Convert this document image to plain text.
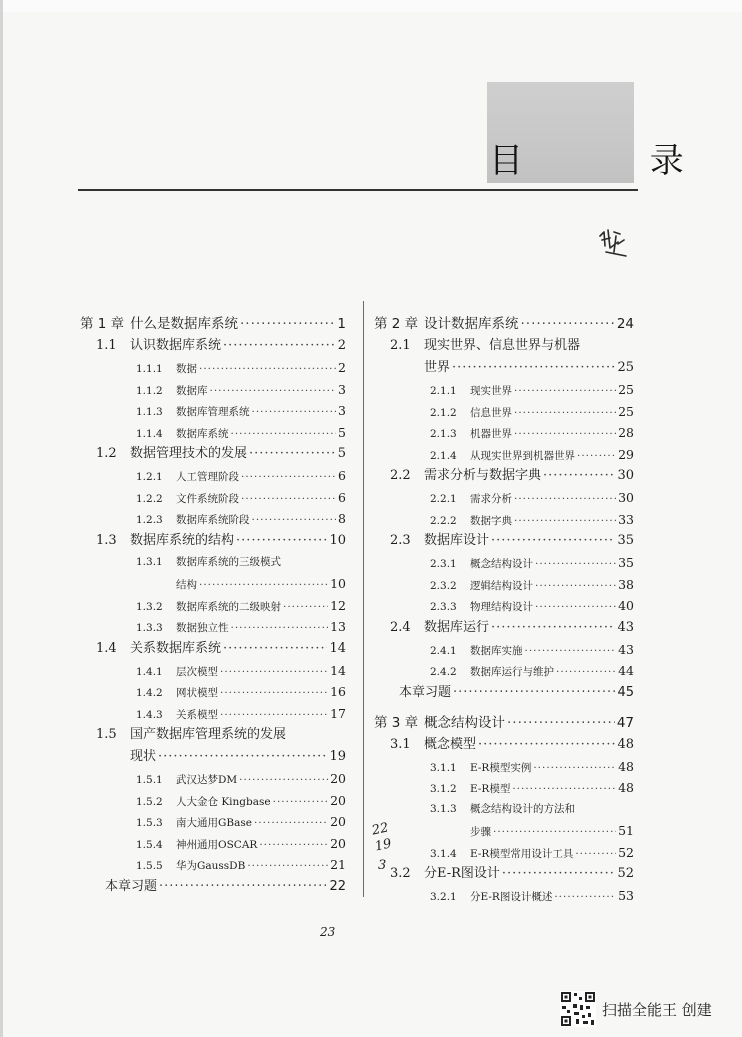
目 录
第 1 章 什么是数据库系统 ·····	1
1.1	认识数据库系统 ·····	2
1.1.1	数据 ·····	2
1.1.2	数据库 ·····	3
1.1.3	数据库管理系统 ·····	3
1.1.4	数据库系统 ·····	5
1.2	数据管理技术的发展 ·····	5
1.2.1	人工管理阶段 ·····	6
1.2.2	文件系统阶段 ·····	6
1.2.3	数据库系统阶段 ·····	8
1.3	数据库系统的结构 ·····	10
1.3.1	数据库系统的三级模式
结构 ·····	10
1.3.2	数据库系统的二级映射 ·····	12
1.3.3	数据独立性 ·····	13
1.4	关系数据库系统 ·····	14
1.4.1	层次模型 ·····	14
1.4.2	网状模型 ·····	16
1.4.3	关系模型 ·····	17
1.5	国产数据库管理系统的发展
现状 ·····	19
1.5.1	武汉达梦DM ·····	20
1.5.2	人大金仓 Kingbase ·····	20
1.5.3	南大通用GBase ·····	20
1.5.4	神州通用OSCAR ·····	20
1.5.5	华为GaussDB ·····	21
本章习题 ·····	22
第 2 章 设计数据库系统 ·····	24
2.1	现实世界、信息世界与机器
世界 ·····	25
2.1.1	现实世界 ·····	25
2.1.2	信息世界 ·····	25
2.1.3	机器世界 ·····	28
2.1.4	从现实世界到机器世界 ·····	29
2.2	需求分析与数据字典 ·····	30
2.2.1	需求分析 ·····	30
2.2.2	数据字典 ·····	33
2.3	数据库设计 ·····	35
2.3.1	概念结构设计 ·····	35
2.3.2	逻辑结构设计 ·····	38
2.3.3	物理结构设计 ·····	40
2.4	数据库运行 ·····	43
2.4.1	数据库实施 ·····	43
2.4.2	数据库运行与维护 ·····	44
本章习题 ·····	45
第 3 章 概念结构设计 ·····	47
3.1	概念模型 ·····	48
3.1.1	E-R模型实例 ·····	48
3.1.2	E-R模型 ·····	48
3.1.3	概念结构设计的方法和
步骤 ·····	51
3.1.4	E-R模型常用设计工具 ·····	52
3.2	分E-R图设计 ·····	52
3.2.1	分E-R图设计概述 ·····	53
22
19
3
23
扫描全能王 创建
